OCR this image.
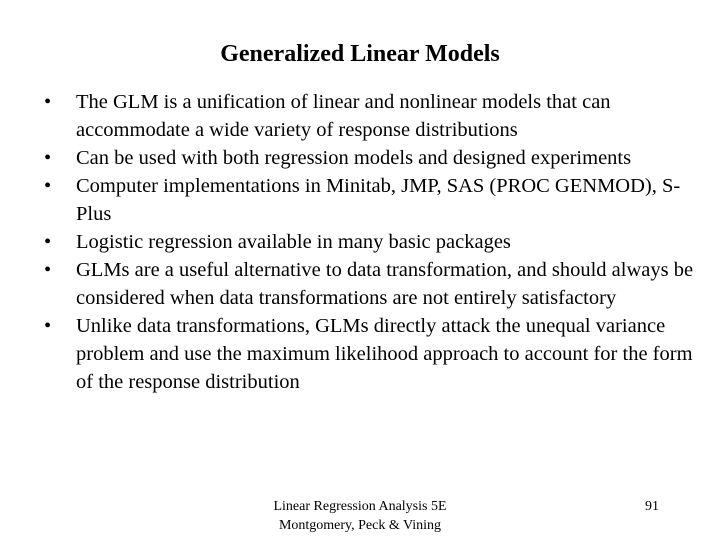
Generalized Linear Models
•	The GLM is a unification of linear and nonlinear models that can accommodate a wide variety of response distributions
•	Can be used with both regression models and designed experiments
•	Computer implementations in Minitab, JMP, SAS (PROC GENMOD), S-Plus
•	Logistic regression available in many basic packages
•	GLMs are a useful alternative to data transformation, and should always be considered when data transformations are not entirely satisfactory
•	Unlike data transformations, GLMs directly attack the unequal variance problem and use the maximum likelihood approach to account for the form of the response distribution
Linear Regression Analysis 5E
Montgomery, Peck & Vining
91
